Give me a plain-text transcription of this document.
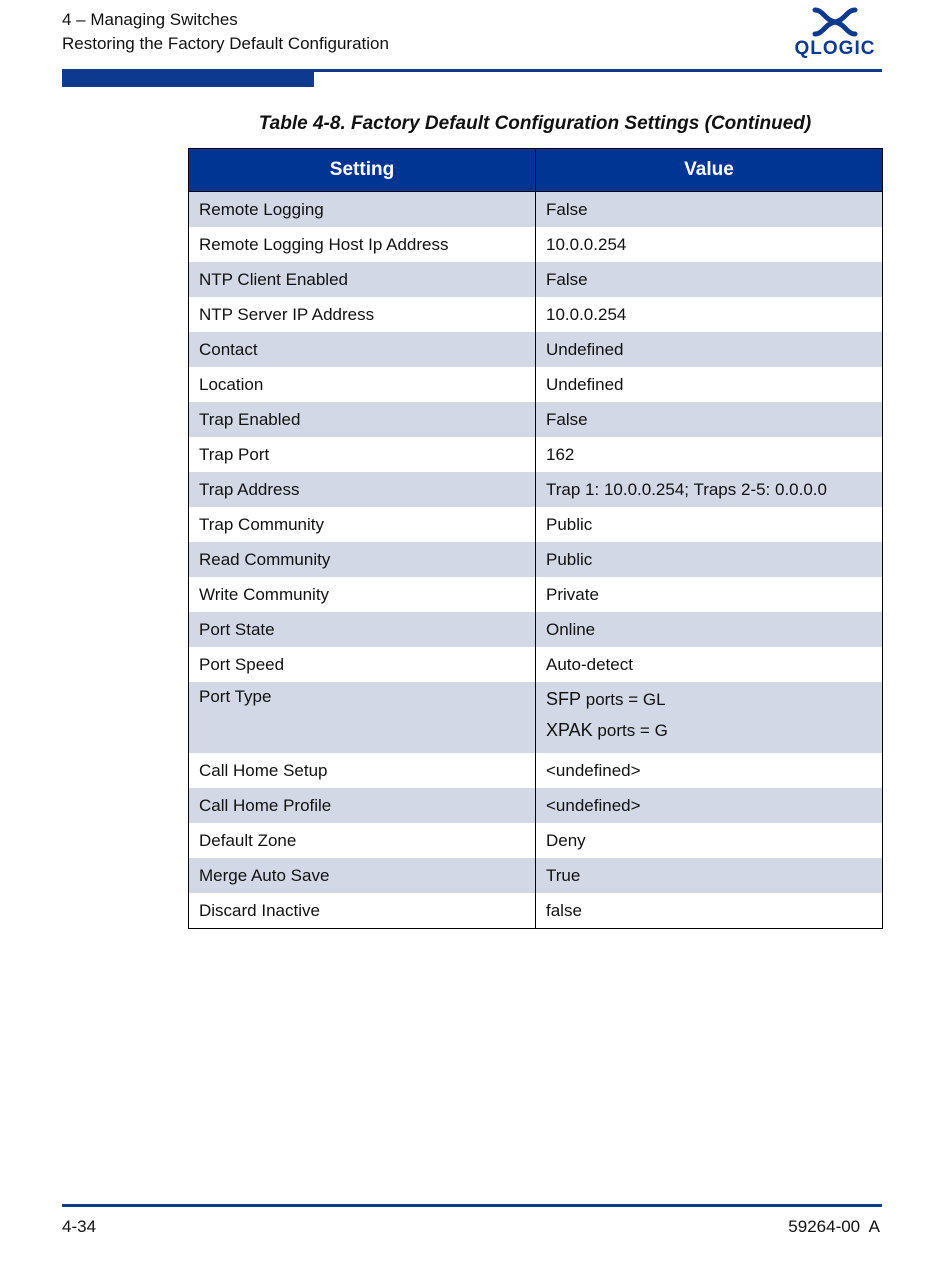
4 – Managing Switches
Restoring the Factory Default Configuration	QLOGIC
Table 4-8. Factory Default Configuration Settings (Continued)
Setting	Value
Remote Logging	False
Remote Logging Host Ip Address	10.0.0.254
NTP Client Enabled	False
NTP Server IP Address	10.0.0.254
Contact	Undefined
Location	Undefined
Trap Enabled	False
Trap Port	162
Trap Address	Trap 1: 10.0.0.254; Traps 2-5: 0.0.0.0
Trap Community	Public
Read Community	Public
Write Community	Private
Port State	Online
Port Speed	Auto-detect
Port Type	SFP ports = GL
XPAK ports = G

Call Home Setup	<undefined>
Call Home Profile	<undefined>
Default Zone	Deny
Merge Auto Save	True
Discard Inactive	false
4-34	59264-00  A
